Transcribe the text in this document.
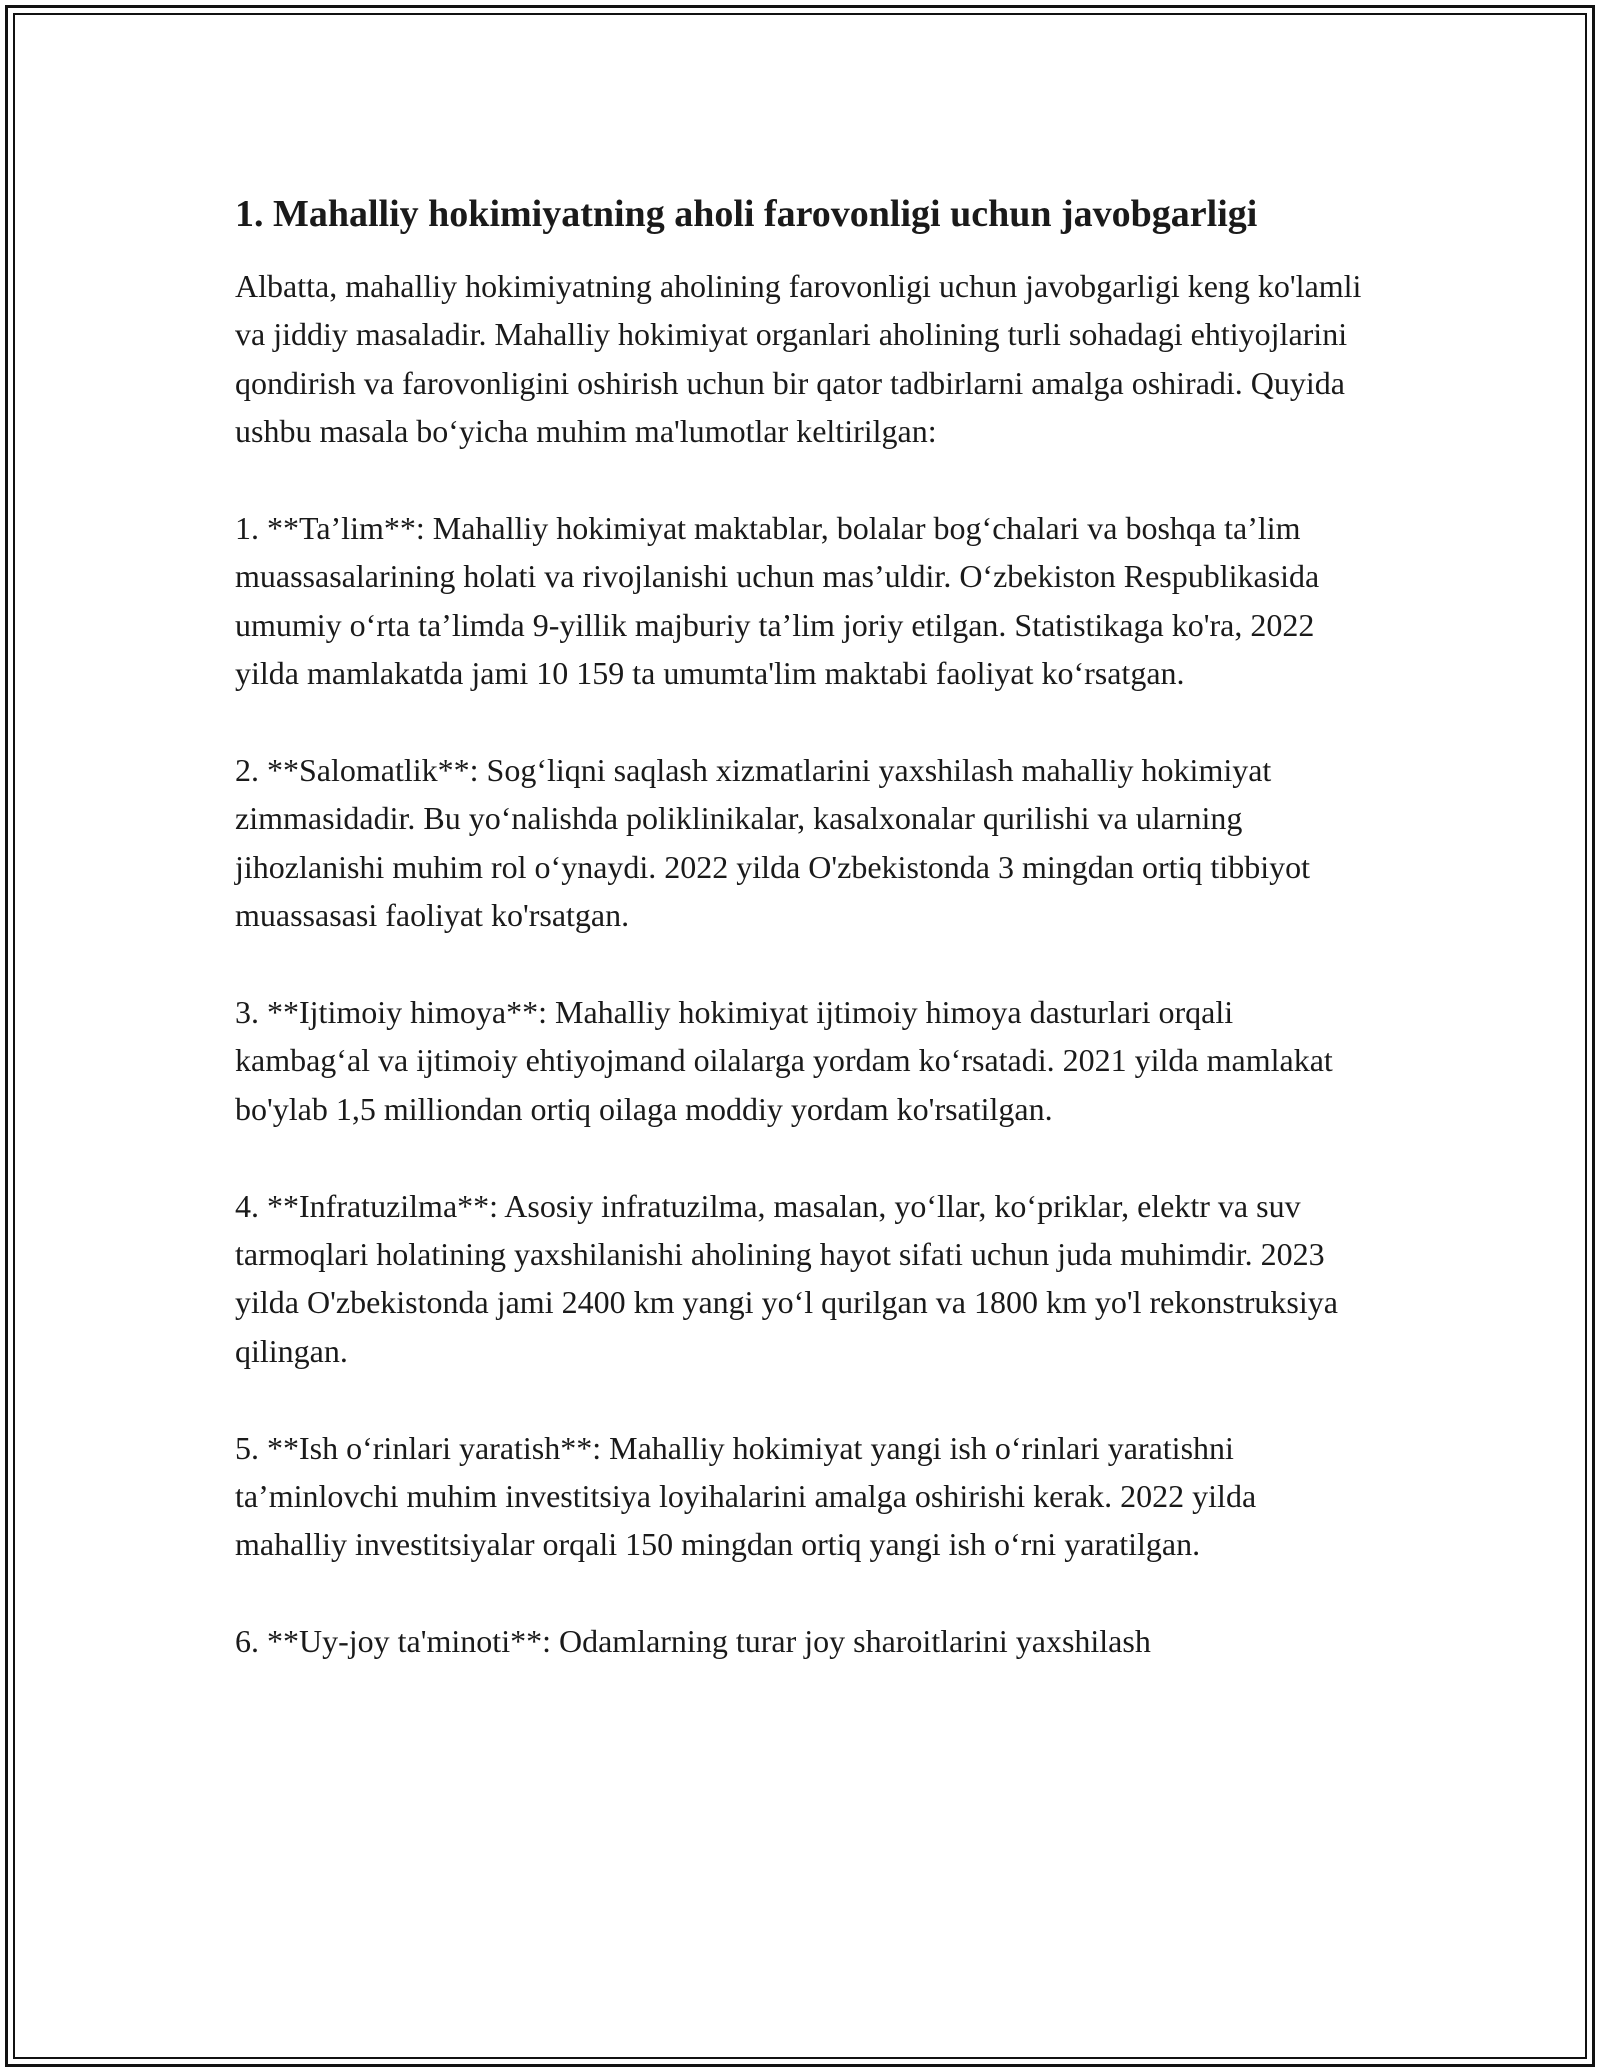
1. Mahalliy hokimiyatning aholi farovonligi uchun javobgarligi

Albatta, mahalliy hokimiyatning aholining farovonligi uchun javobgarligi keng ko'lamli va jiddiy masaladir. Mahalliy hokimiyat organlari aholining turli sohadagi ehtiyojlarini qondirish va farovonligini oshirish uchun bir qator tadbirlarni amalga oshiradi. Quyida ushbu masala bo‘yicha muhim ma'lumotlar keltirilgan:

1. **Ta’lim**: Mahalliy hokimiyat maktablar, bolalar bog‘chalari va boshqa ta’lim muassasalarining holati va rivojlanishi uchun mas’uldir. O‘zbekiston Respublikasida umumiy o‘rta ta’limda 9-yillik majburiy ta’lim joriy etilgan. Statistikaga ko'ra, 2022 yilda mamlakatda jami 10 159 ta umumta'lim maktabi faoliyat ko‘rsatgan.

2. **Salomatlik**: Sog‘liqni saqlash xizmatlarini yaxshilash mahalliy hokimiyat zimmasidadir. Bu yo‘nalishda poliklinikalar, kasalxonalar qurilishi va ularning jihozlanishi muhim rol o‘ynaydi. 2022 yilda O'zbekistonda 3 mingdan ortiq tibbiyot muassasasi faoliyat ko'rsatgan.

3. **Ijtimoiy himoya**: Mahalliy hokimiyat ijtimoiy himoya dasturlari orqali kambag‘al va ijtimoiy ehtiyojmand oilalarga yordam ko‘rsatadi. 2021 yilda mamlakat bo'ylab 1,5 milliondan ortiq oilaga moddiy yordam ko'rsatilgan.

4. **Infratuzilma**: Asosiy infratuzilma, masalan, yo‘llar, ko‘priklar, elektr va suv tarmoqlari holatining yaxshilanishi aholining hayot sifati uchun juda muhimdir. 2023 yilda O'zbekistonda jami 2400 km yangi yo‘l qurilgan va 1800 km yo'l rekonstruksiya qilingan.

5. **Ish o‘rinlari yaratish**: Mahalliy hokimiyat yangi ish o‘rinlari yaratishni ta’minlovchi muhim investitsiya loyihalarini amalga oshirishi kerak. 2022 yilda mahalliy investitsiyalar orqali 150 mingdan ortiq yangi ish o‘rni yaratilgan.

6. **Uy-joy ta'minoti**: Odamlarning turar joy sharoitlarini yaxshilash
